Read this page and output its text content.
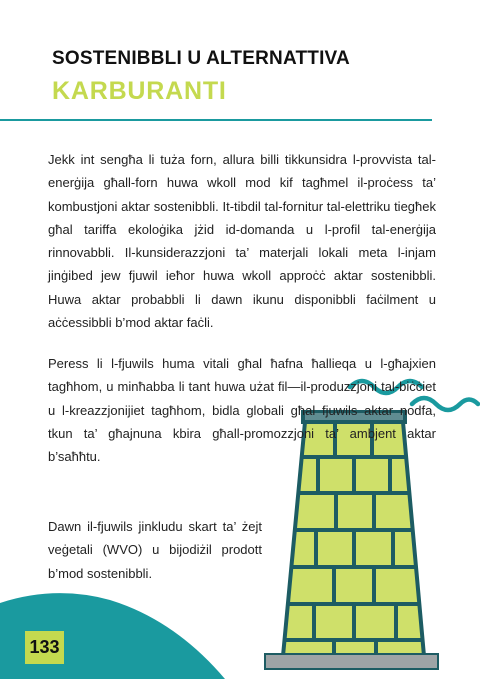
SOSTENIBBLI U ALTERNATTIVA
KARBURANTI

Jekk int sengħa li tuża forn, allura billi tikkunsidra l-provvista tal-enerġija għall-forn huwa wkoll mod kif tagħmel il-proċess ta’ kombustjoni aktar sostenibbli. It-tibdil tal-fornitur tal-elettriku tiegħek għal tariffa ekoloġika jżid id-domanda u l-profil tal-enerġija rinnovabbli. Il-kunsiderazzjoni ta’ materjali lokali meta l-injam jinġibed jew fjuwil ieħor huwa wkoll approċċ aktar sostenibbli. Huwa aktar probabbli li dawn ikunu disponibbli faċilment u aċċessibbli b’mod aktar faċli.

Peress li l-fjuwils huma vitali għal ħafna ħallieqa u l-għajxien tagħhom, u minħabba li tant huwa użat fil—il-produzzjoni tal-biċċiet u l-kreazzjonijiet tagħhom, bidla globali għal fjuwils aktar nodfa, tkun ta’ għajnuna kbira għall-promozzjoni ta’ ambjent aktar b’saħħtu.

Dawn il-fjuwils jinkludu skart ta’ żejt veġetali (WVO) u bijodiżil prodott b’mod sostenibbli.

133
